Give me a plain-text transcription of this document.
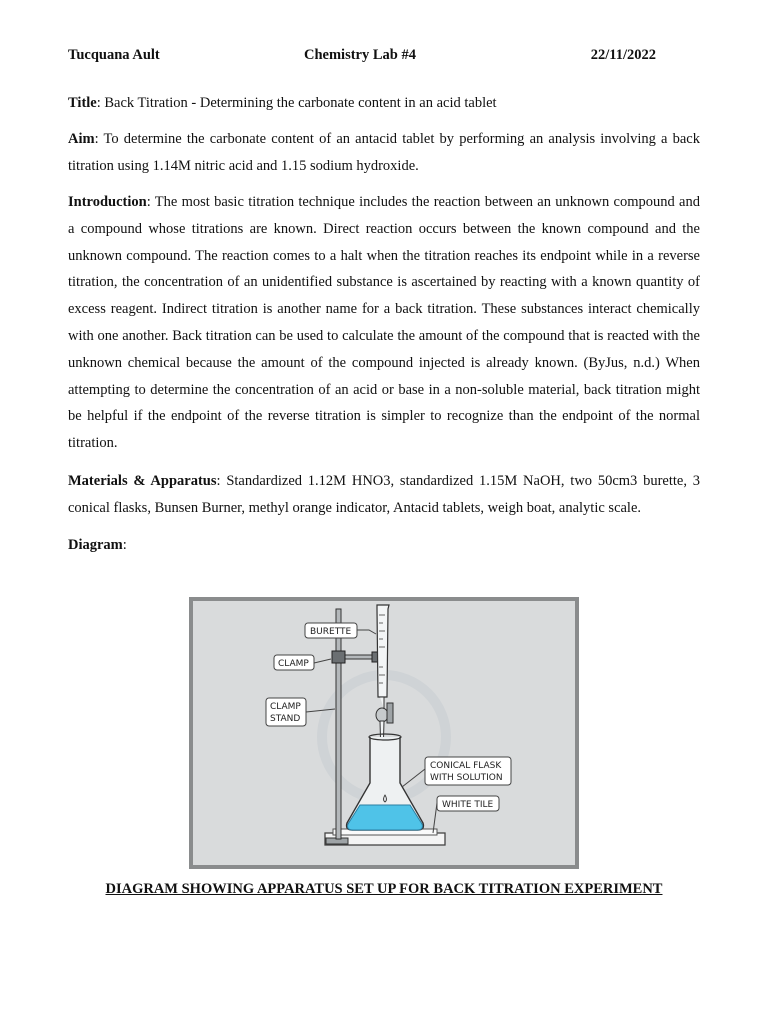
Tucquana Ault	Chemistry Lab #4	22/11/2022

Title: Back Titration - Determining the carbonate content in an acid tablet

Aim: To determine the carbonate content of an antacid tablet by performing an analysis involving a back titration using 1.14M nitric acid and 1.15 sodium hydroxide.

Introduction: The most basic titration technique includes the reaction between an unknown compound and a compound whose titrations are known. Direct reaction occurs between the known compound and the unknown compound. The reaction comes to a halt when the titration reaches its endpoint while in a reverse titration, the concentration of an unidentified substance is ascertained by reacting with a known quantity of excess reagent. Indirect titration is another name for a back titration. These substances interact chemically with one another. Back titration can be used to calculate the amount of the compound that is reacted with the unknown chemical because the amount of the compound injected is already known. (ByJus, n.d.) When attempting to determine the concentration of an acid or base in a non-soluble material, back titration might be helpful if the endpoint of the reverse titration is simpler to recognize than the endpoint of the normal titration.

Materials & Apparatus: Standardized 1.12M HNO3, standardized 1.15M NaOH, two 50cm3 burette, 3 conical flasks, Bunsen Burner, methyl orange indicator, Antacid tablets, weigh boat, analytic scale.

Diagram:

BURETTE
CLAMP
CLAMP
STAND
CONICAL FLASK
WITH SOLUTION
WHITE TILE
DIAGRAM SHOWING APPARATUS SET UP FOR BACK TITRATION EXPERIMENT
